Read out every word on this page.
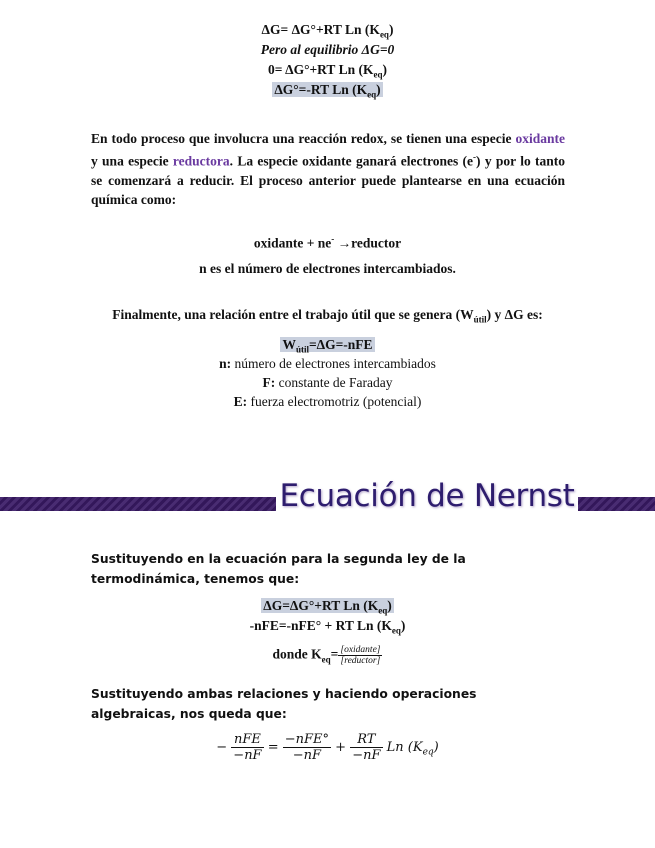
ΔG= ΔG°+RT Ln $(K_{eq})$
Pero al equilibrio ΔG=0
0= ΔG°+RT Ln $(K_{eq})$
ΔG°=-RT Ln $(K_{eq})$
En todo proceso que involucra una reacción redox, se tienen una especie oxidante y una especie reductora. La especie oxidante ganará electrones (e-) y por lo tanto se comenzará a reducir. El proceso anterior puede plantearse en una ecuación química como:
oxidante + ne- →reductor
n es el número de electrones intercambiados.
Finalmente, una relación entre el trabajo útil que se genera $(W_{útil})$ y ΔG es:
$W_{útil}=\Delta G=$-nFE
n: número de electrones intercambiados
F: constante de Faraday
E: fuerza electromotriz (potencial)
Ecuación de Nernst
Sustituyendo en la ecuación para la segunda ley de la termodinámica, tenemos que:
ΔG=ΔG°+RT Ln $(K_{eq})$
-nFE=-nFE° + RT Ln $(K_{eq})$
donde $K_{eq}= \frac{\text{[oxidante]}}{\text{[reductor]}}$
Sustituyendo ambas relaciones y haciendo operaciones algebraicas, nos queda que:
− $\frac{\text{nFE}}{-nF} = \frac{\text{−nFE°}}{-nF} + \frac{RT}{-nF}$ Ln $(K_{eq})$
